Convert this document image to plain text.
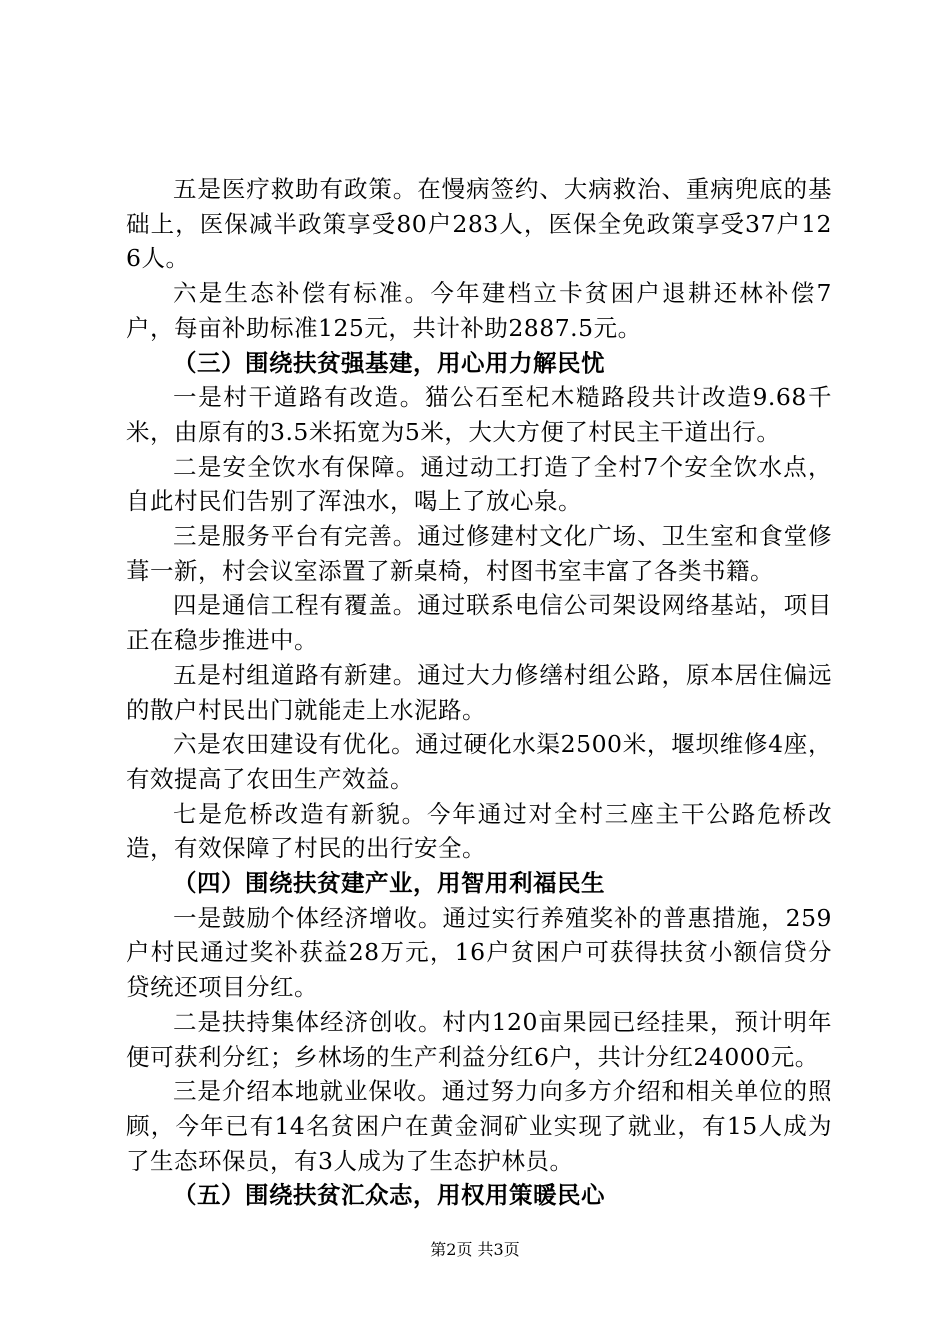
五是医疗救助有政策。在慢病签约、大病救治、重病兜底的基础上，医保减半政策享受80户283人，医保全免政策享受37户126人。

六是生态补偿有标准。今年建档立卡贫困户退耕还林补偿7户，每亩补助标准125元，共计补助2887.5元。

（三）围绕扶贫强基建，用心用力解民忧

一是村干道路有改造。猫公石至杞木糙路段共计改造9.68千米，由原有的3.5米拓宽为5米，大大方便了村民主干道出行。

二是安全饮水有保障。通过动工打造了全村7个安全饮水点，自此村民们告别了浑浊水，喝上了放心泉。

三是服务平台有完善。通过修建村文化广场、卫生室和食堂修葺一新，村会议室添置了新桌椅，村图书室丰富了各类书籍。

四是通信工程有覆盖。通过联系电信公司架设网络基站，项目正在稳步推进中。

五是村组道路有新建。通过大力修缮村组公路，原本居住偏远的散户村民出门就能走上水泥路。

六是农田建设有优化。通过硬化水渠2500米，堰坝维修4座，有效提高了农田生产效益。

七是危桥改造有新貌。今年通过对全村三座主干公路危桥改造，有效保障了村民的出行安全。

（四）围绕扶贫建产业，用智用利福民生

一是鼓励个体经济增收。通过实行养殖奖补的普惠措施，259户村民通过奖补获益28万元，16户贫困户可获得扶贫小额信贷分贷统还项目分红。

二是扶持集体经济创收。村内120亩果园已经挂果，预计明年便可获利分红；乡林场的生产利益分红6户，共计分红24000元。

三是介绍本地就业保收。通过努力向多方介绍和相关单位的照顾，今年已有14名贫困户在黄金洞矿业实现了就业，有15人成为了生态环保员，有3人成为了生态护林员。

（五）围绕扶贫汇众志，用权用策暖民心

第2页 共3页
